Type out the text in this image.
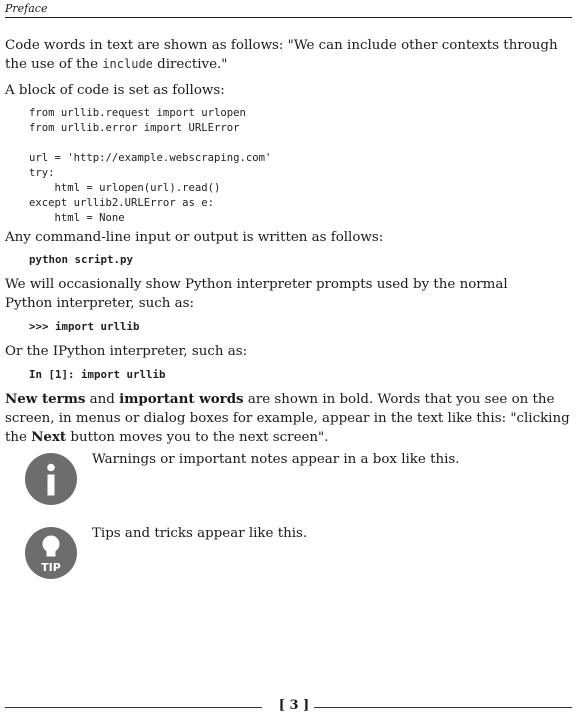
Preface

Code words in text are shown as follows: "We can include other contexts through the use of the include directive."

A block of code is set as follows:

from urllib.request import urlopen
from urllib.error import URLError
url = 'http://example.webscraping.com'
try:
html = urlopen(url).read()
except urllib2.URLError as e:
html = None

Any command-line input or output is written as follows:

python script.py

We will occasionally show Python interpreter prompts used by the normal Python interpreter, such as:

>>> import urllib

Or the IPython interpreter, such as:

In [1]: import urllib

New terms and important words are shown in bold. Words that you see on the screen, in menus or dialog boxes for example, appear in the text like this: "clicking the Next button moves you to the next screen".

Warnings or important notes appear in a box like this.

TIP

Tips and tricks appear like this.

[ 3 ]
